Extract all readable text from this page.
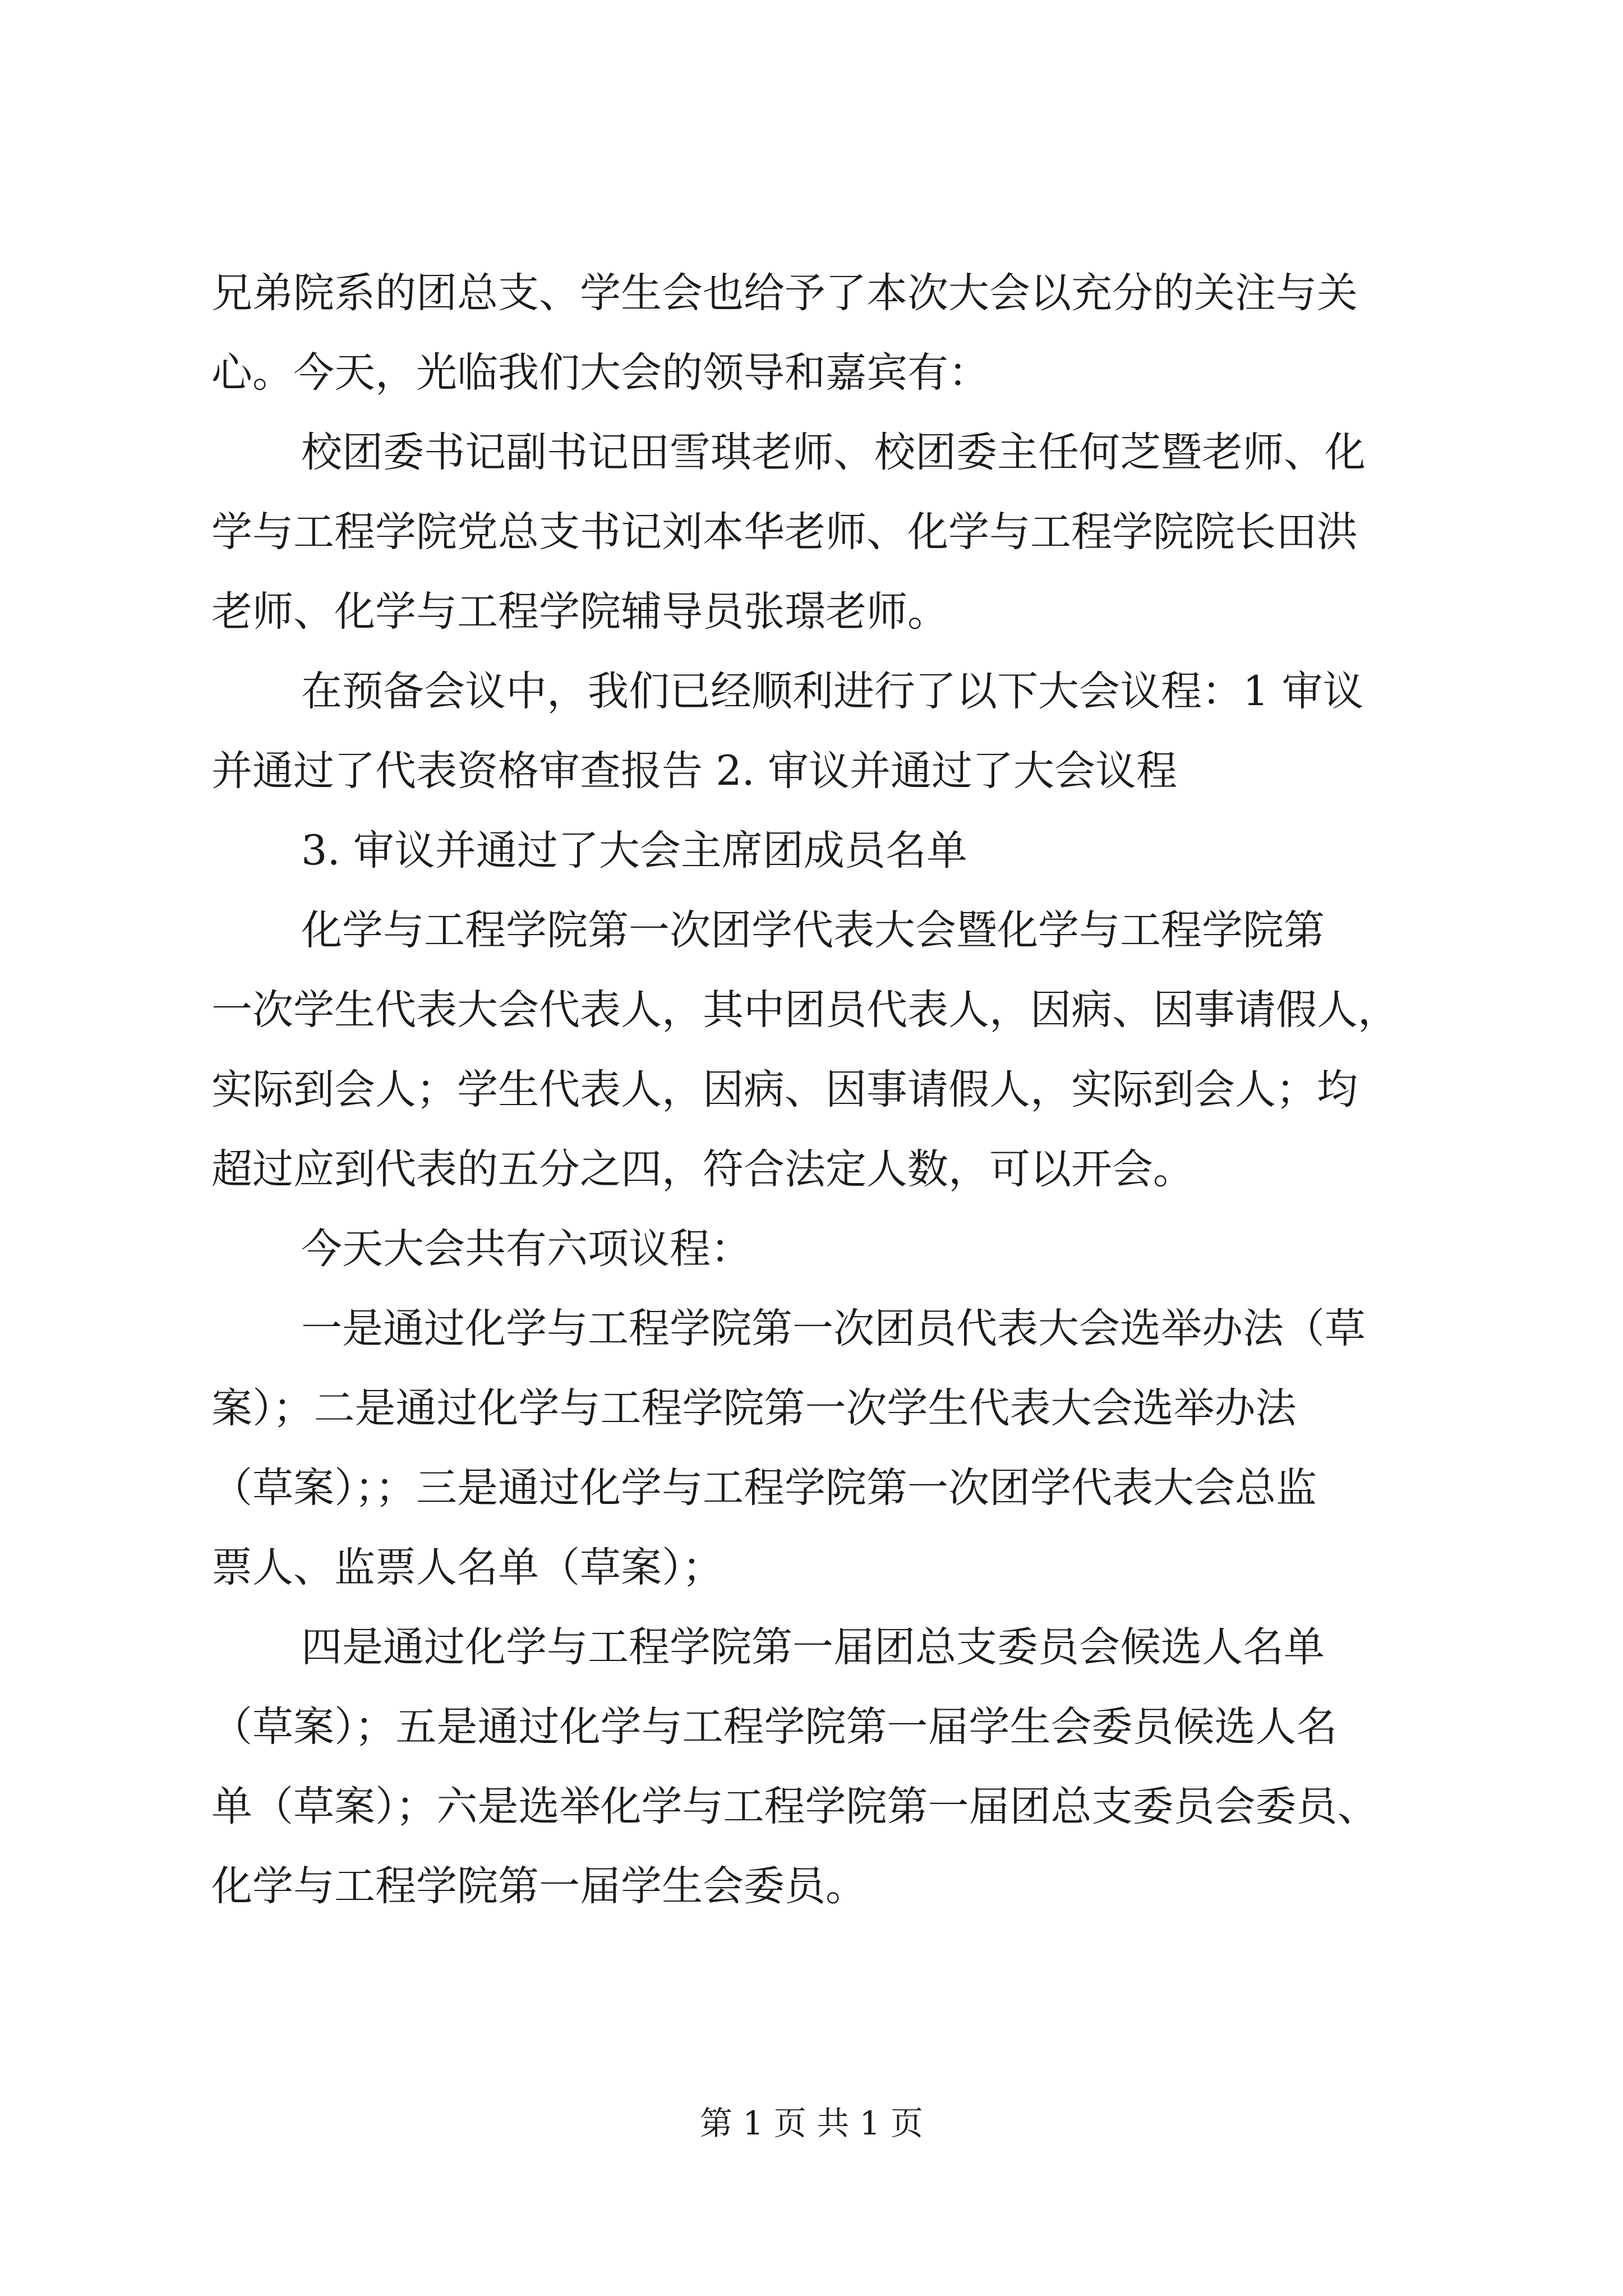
兄弟院系的团总支、学生会也给予了本次大会以充分的关注与关
心。今天，光临我们大会的领导和嘉宾有：
校团委书记副书记田雪琪老师、校团委主任何芝暨老师、化
学与工程学院党总支书记刘本华老师、化学与工程学院院长田洪
老师、化学与工程学院辅导员张璟老师。
在预备会议中，我们已经顺利进行了以下大会议程：1 审议
并通过了代表资格审查报告 2. 审议并通过了大会议程
3. 审议并通过了大会主席团成员名单
化学与工程学院第一次团学代表大会暨化学与工程学院第
一次学生代表大会代表人，其中团员代表人，因病、因事请假人，
实际到会人；学生代表人，因病、因事请假人，实际到会人；均
超过应到代表的五分之四，符合法定人数，可以开会。
今天大会共有六项议程：
一是通过化学与工程学院第一次团员代表大会选举办法（草
案）；二是通过化学与工程学院第一次学生代表大会选举办法
（草案）；；三是通过化学与工程学院第一次团学代表大会总监
票人、监票人名单（草案）；
四是通过化学与工程学院第一届团总支委员会候选人名单
（草案）；五是通过化学与工程学院第一届学生会委员候选人名
单（草案）；六是选举化学与工程学院第一届团总支委员会委员、
化学与工程学院第一届学生会委员。
第 1 页 共 1 页
